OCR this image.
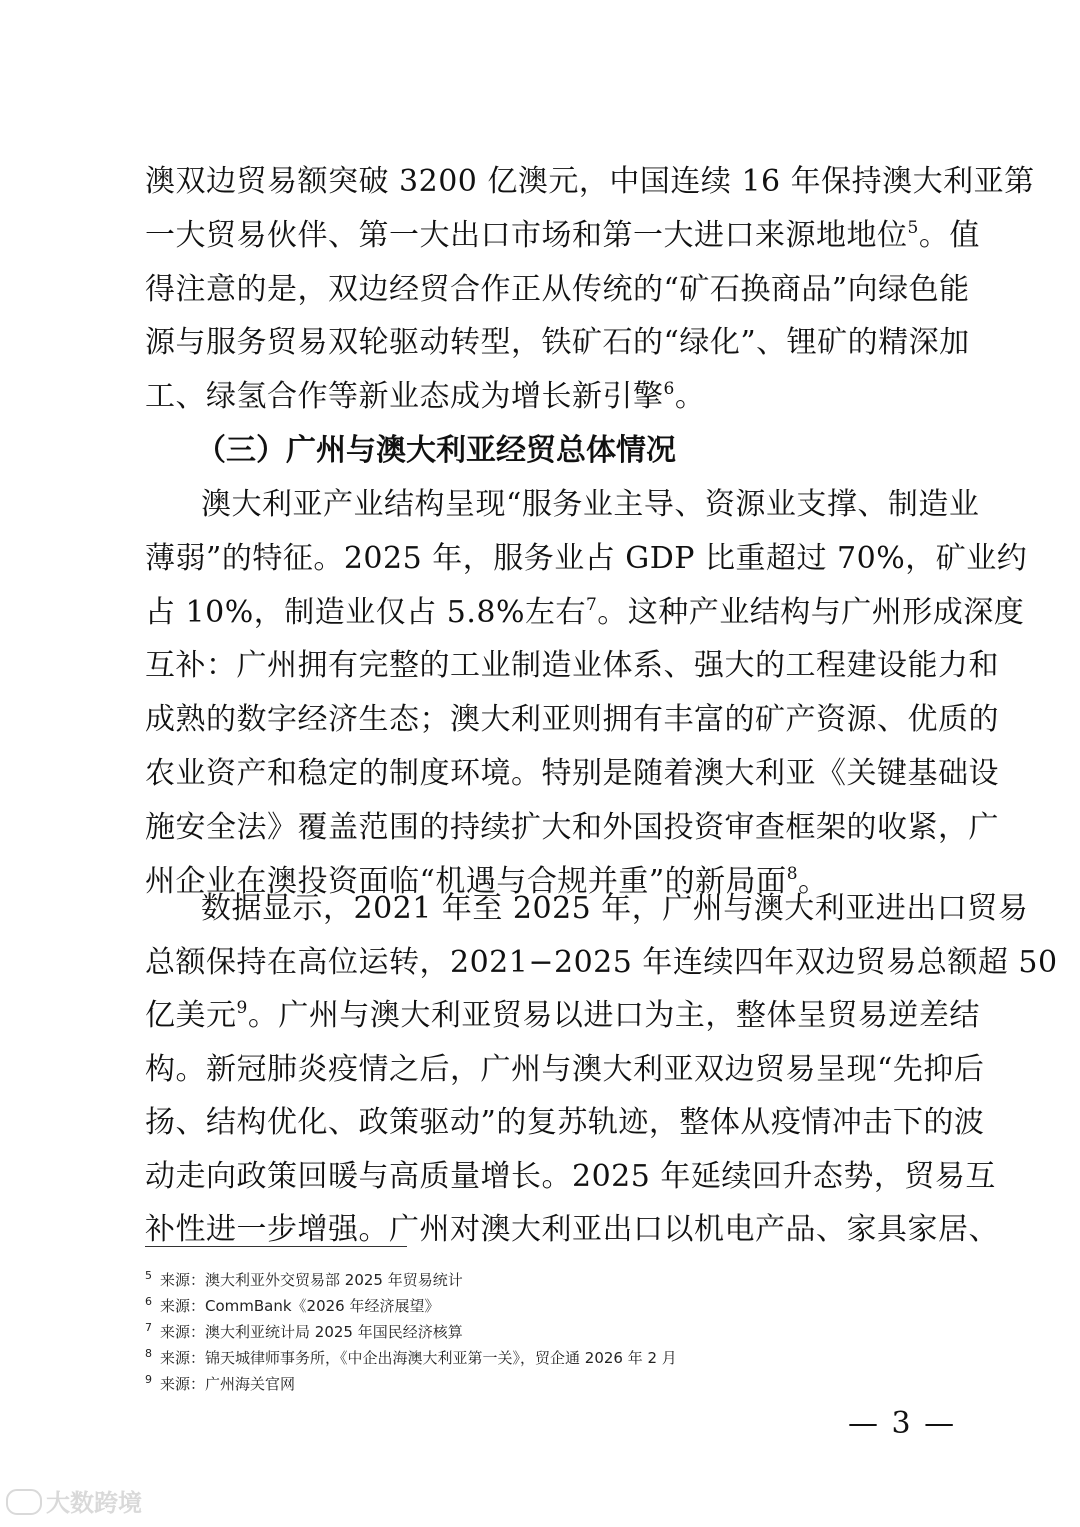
澳双边贸易额突破 3200 亿澳元，中国连续 16 年保持澳大利亚第
一大贸易伙伴、第一大出口市场和第一大进口来源地地位$^5$。值
得注意的是，双边经贸合作正从传统的“矿石换商品”向绿色能
源与服务贸易双轮驱动转型，铁矿石的“绿化”、锂矿的精深加
工、绿氢合作等新业态成为增长新引擎$^6$。
（三）广州与澳大利亚经贸总体情况
澳大利亚产业结构呈现“服务业主导、资源业支撑、制造业
薄弱”的特征。2025 年，服务业占 GDP 比重超过 70%，矿业约
占 10%，制造业仅占 5.8%左右$^7$。这种产业结构与广州形成深度
互补：广州拥有完整的工业制造业体系、强大的工程建设能力和
成熟的数字经济生态；澳大利亚则拥有丰富的矿产资源、优质的
农业资产和稳定的制度环境。特别是随着澳大利亚《关键基础设
施安全法》覆盖范围的持续扩大和外国投资审查框架的收紧，广
州企业在澳投资面临“机遇与合规并重”的新局面$^8$。
数据显示，2021 年至 2025 年，广州与澳大利亚进出口贸易
总额保持在高位运转，2021−2025 年连续四年双边贸易总额超 50
亿美元$^9$。广州与澳大利亚贸易以进口为主，整体呈贸易逆差结
构。新冠肺炎疫情之后，广州与澳大利亚双边贸易呈现“先抑后
扬、结构优化、政策驱动”的复苏轨迹，整体从疫情冲击下的波
动走向政策回暖与高质量增长。2025 年延续回升态势，贸易互
$^5$ 来源：澳大利亚外交贸易部 2025 年贸易统计
$^6$ 来源：CommBank《2026 年经济展望》
$^7$ 来源：澳大利亚统计局 2025 年国民经济核算
$^8$ 来源：锦天城律师事务所，《中企出海澳大利亚第一关》，贸企通 2026 年 2 月
$^9$ 来源：广州海关官网
— 3 —
大数跨境
补性进一步增强。广州对澳大利亚出口以机电产品、家具家居、
